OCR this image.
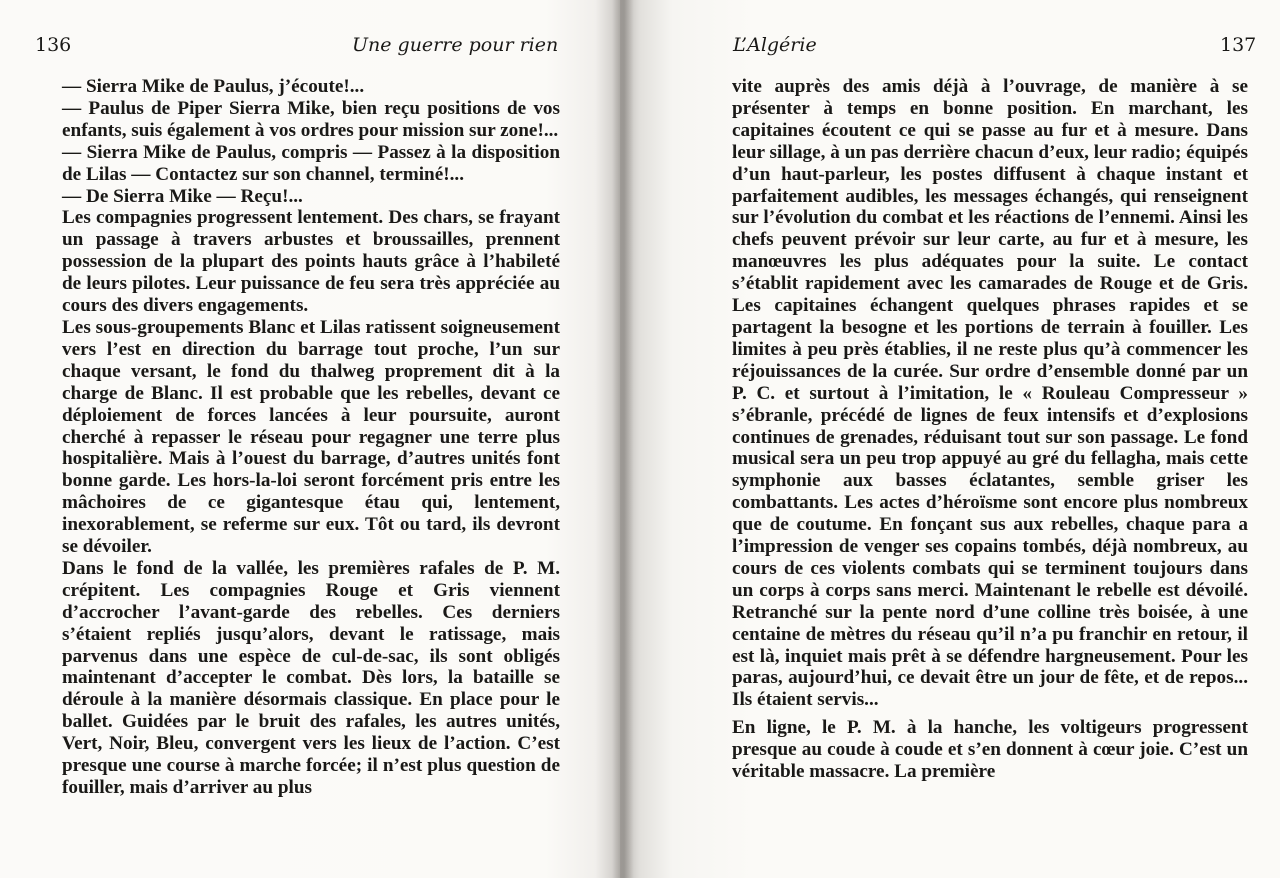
136	Une guerre pour rien

— Sierra Mike de Paulus, j’écoute!...

— Paulus de Piper Sierra Mike, bien reçu positions de vos enfants, suis également à vos ordres pour mission sur zone!...

— Sierra Mike de Paulus, compris — Passez à la disposition de Lilas — Contactez sur son channel, terminé!...

— De Sierra Mike — Reçu!...

Les compagnies progressent lentement. Des chars, se frayant un passage à travers arbustes et broussailles, prennent possession de la plupart des points hauts grâce à l’habileté de leurs pilotes. Leur puissance de feu sera très appréciée au cours des divers engagements.

Les sous-groupements Blanc et Lilas ratissent soigneusement vers l’est en direction du barrage tout proche, l’un sur chaque versant, le fond du thalweg proprement dit à la charge de Blanc. Il est probable que les rebelles, devant ce déploiement de forces lancées à leur poursuite, auront cherché à repasser le réseau pour regagner une terre plus hospitalière. Mais à l’ouest du barrage, d’autres unités font bonne garde. Les hors-la-loi seront forcément pris entre les mâchoires de ce gigantesque étau qui, lentement, inexorablement, se referme sur eux. Tôt ou tard, ils devront se dévoiler.

Dans le fond de la vallée, les premières rafales de P. M. crépitent. Les compagnies Rouge et Gris viennent d’accrocher l’avant-garde des rebelles. Ces derniers s’étaient repliés jusqu’alors, devant le ratissage, mais parvenus dans une espèce de cul-de-sac, ils sont obligés maintenant d’accepter le combat. Dès lors, la bataille se déroule à la manière désormais classique. En place pour le ballet. Guidées par le bruit des rafales, les autres unités, Vert, Noir, Bleu, convergent vers les lieux de l’action. C’est presque une course à marche forcée; il n’est plus question de fouiller, mais d’arriver au plus

L’Algérie	137

vite auprès des amis déjà à l’ouvrage, de manière à se présenter à temps en bonne position. En marchant, les capitaines écoutent ce qui se passe au fur et à mesure. Dans leur sillage, à un pas derrière chacun d’eux, leur radio; équipés d’un haut-parleur, les postes diffusent à chaque instant et parfaitement audibles, les messages échangés, qui renseignent sur l’évolution du combat et les réactions de l’ennemi. Ainsi les chefs peuvent prévoir sur leur carte, au fur et à mesure, les manœuvres les plus adéquates pour la suite. Le contact s’établit rapidement avec les camarades de Rouge et de Gris. Les capitaines échangent quelques phrases rapides et se partagent la besogne et les portions de terrain à fouiller. Les limites à peu près établies, il ne reste plus qu’à commencer les réjouissances de la curée. Sur ordre d’ensemble donné par un P. C. et surtout à l’imitation, le « Rouleau Compresseur » s’ébranle, précédé de lignes de feux intensifs et d’explosions continues de grenades, réduisant tout sur son passage. Le fond musical sera un peu trop appuyé au gré du fellagha, mais cette symphonie aux basses éclatantes, semble griser les combattants. Les actes d’héroïsme sont encore plus nombreux que de coutume. En fonçant sus aux rebelles, chaque para a l’impression de venger ses copains tombés, déjà nombreux, au cours de ces violents combats qui se terminent toujours dans un corps à corps sans merci. Maintenant le rebelle est dévoilé. Retranché sur la pente nord d’une colline très boisée, à une centaine de mètres du réseau qu’il n’a pu franchir en retour, il est là, inquiet mais prêt à se défendre hargneusement. Pour les paras, aujourd’hui, ce devait être un jour de fête, et de repos... Ils étaient servis...

En ligne, le P. M. à la hanche, les voltigeurs progressent presque au coude à coude et s’en donnent à cœur joie. C’est un véritable massacre. La première
